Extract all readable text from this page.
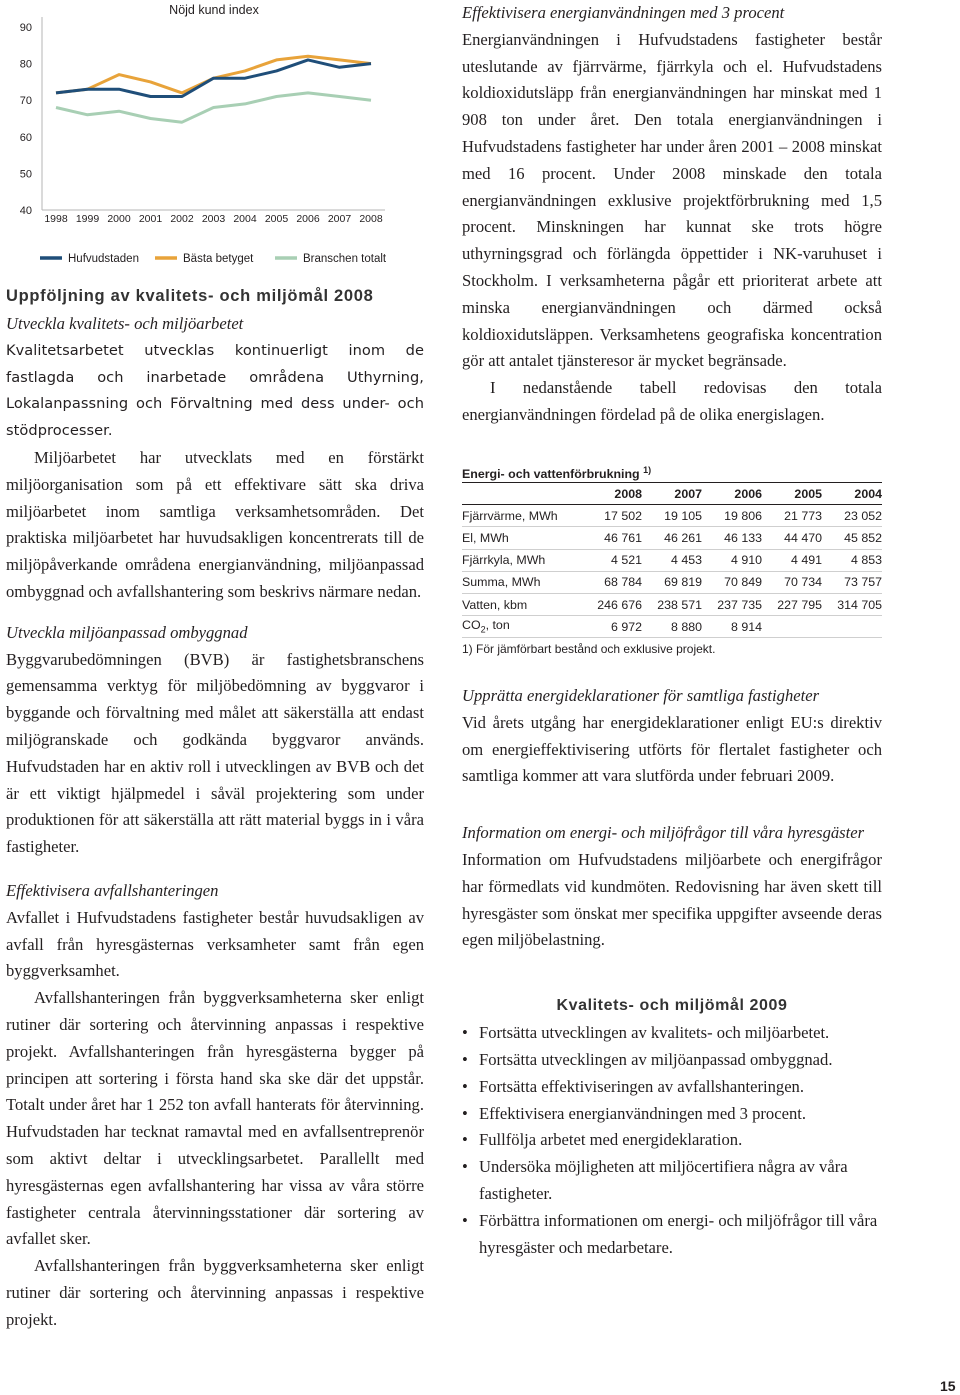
Nöjd kund index
90
80
70
60
50
40
1998 1999 2000 2001 2002 2003 2004 2005 2006 2007 2008
Hufvudstaden	Bästa betyget	Branschen totalt

Uppföljning av kvalitets- och miljömål 2008

Utveckla kvalitets- och miljöarbetet

Kvalitetsarbetet utvecklas kontinuerligt inom de fastlagda och inarbetade områdena Uthyrning, Lokalanpassning och Förvaltning med dess under- och stödprocesser.

Miljöarbetet har utvecklats med en förstärkt miljöorganisation som på ett effektivare sätt ska driva miljöarbetet inom samtliga verksamhetsområden. Det praktiska miljöarbetet har huvudsakligen koncentrerats till de miljöpåverkande områdena energianvändning, miljöanpassad ombyggnad och avfallshantering som beskrivs närmare nedan.

Utveckla miljöanpassad ombyggnad

Byggvarubedömningen (BVB) är fastighetsbranschens gemensamma verktyg för miljöbedömning av byggvaror i byggande och förvaltning med målet att säkerställa att endast miljögranskade och godkända byggvaror används. Hufvudstaden har en aktiv roll i utvecklingen av BVB och det är ett viktigt hjälpmedel i såväl projektering som under produktionen för att säkerställa att rätt material byggs in i våra fastigheter.

Effektivisera avfallshanteringen

Avfallet i Hufvudstadens fastigheter består huvudsakligen av avfall från hyresgästernas verksamheter samt från egen byggverksamhet.

Avfallshanteringen från byggverksamheterna sker enligt rutiner där sortering och återvinning anpassas i respektive projekt. Avfallshanteringen från hyresgästerna bygger på principen att sortering i första hand ska ske där det uppstår. Totalt under året har 1 252 ton avfall hanterats för återvinning. Hufvudstaden har tecknat ramavtal med en avfallsentreprenör som aktivt deltar i utvecklingsarbetet. Parallellt med hyresgästernas egen avfallshantering har vissa av våra större fastigheter centrala återvinningsstationer där sortering av avfallet sker.

Avfallshanteringen från byggverksamheterna sker enligt rutiner där sortering och återvinning anpassas i respektive projekt.

Effektivisera energianvändningen med 3 procent

Energianvändningen i Hufvudstadens fastigheter består uteslutande av fjärrvärme, fjärrkyla och el. Hufvudstadens koldioxidutsläpp från energianvändningen har minskat med 1 908 ton under året. Den totala energianvändningen i Hufvudstadens fastigheter har under åren 2001 – 2008 minskat med 16 procent. Under 2008 minskade den totala energianvändningen exklusive projektförbrukning med 1,5 procent. Minskningen har kunnat ske trots högre uthyrningsgrad och förlängda öppettider i NK-varuhuset i Stockholm. I verksamheterna pågår ett prioriterat arbete att minska energianvändningen och därmed också koldioxidutsläppen. Verksamhetens geografiska koncentration gör att antalet tjänsteresor är mycket begränsade.

I nedanstående tabell redovisas den totala energianvändningen fördelad på de olika energislagen.

Energi- och vattenförbrukning $^{1)}$
	2008	2007	2006	2005	2004
Fjärrvärme, MWh	17 502	19 105	19 806	21 773	23 052
El, MWh	46 761	46 261	46 133	44 470	45 852
Fjärrkyla, MWh	4 521	4 453	4 910	4 491	4 853
Summa, MWh	68 784	69 819	70 849	70 734	73 757
Vatten, kbm	246 676	238 571	237 735	227 795	314 705
$CO_2$, ton	6 972	8 880	8 914		
1) För jämförbart bestånd och exklusive projekt.

Upprätta energideklarationer för samtliga fastigheter

Vid årets utgång har energideklarationer enligt EU:s direktiv om energieffektivisering utförts för flertalet fastigheter och samtliga kommer att vara slutförda under februari 2009.

Information om energi- och miljöfrågor till våra hyresgäster

Information om Hufvudstadens miljöarbete och energifrågor har förmedlats vid kundmöten. Redovisning har även skett till hyresgäster som önskat mer specifika uppgifter avseende deras egen miljöbelastning.

Kvalitets- och miljömål 2009

• Fortsätta utvecklingen av kvalitets- och miljöarbetet.
• Fortsätta utvecklingen av miljöanpassad ombyggnad.
• Fortsätta effektiviseringen av avfallshanteringen.
• Effektivisera energianvändningen med 3 procent.
• Fullfölja arbetet med energideklaration.
• Undersöka möjligheten att miljöcertifiera några av våra fastigheter.
• Förbättra informationen om energi- och miljöfrågor till våra hyresgäster och medarbetare.
15
